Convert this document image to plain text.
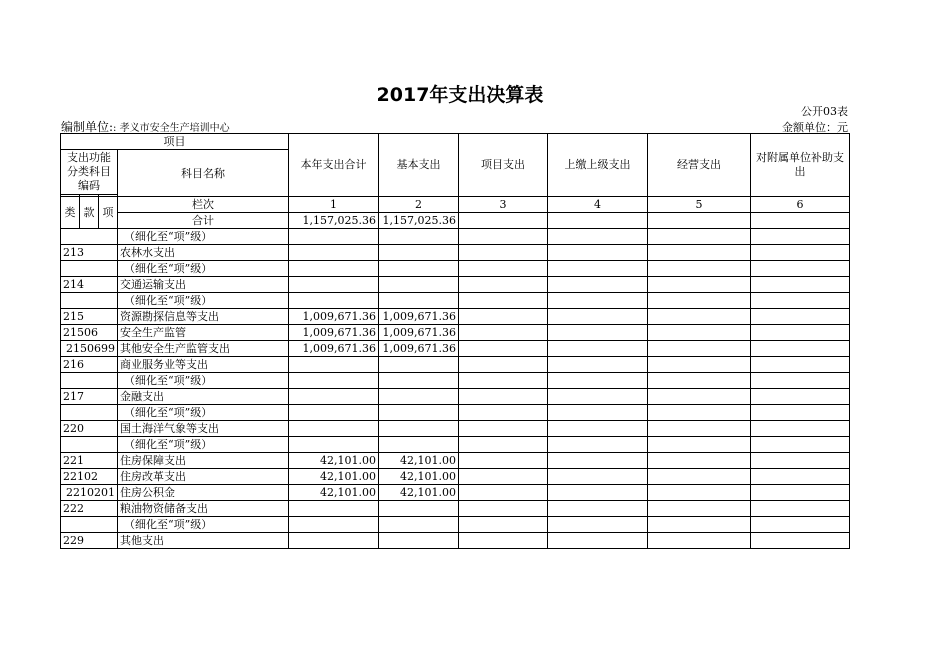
2017年支出决算表
公开03表
编制单位:: 孝义市安全生产培训中心	金额单位：元
项目				本年支出合计	基本支出	项目支出	上缴上级支出	经营支出	对附属单位补助支出
支出功能分类科目编码			科目名称						

类	款	项	栏次	1	2	3	4	5	6
			合计	1,157,025.36	1,157,025.36				
			（细化至“项”级）						
213			农林水支出						
			（细化至“项”级）						
214			交通运输支出						
			（细化至“项”级）						
215			资源勘探信息等支出	1,009,671.36	1,009,671.36				
21506			安全生产监管	1,009,671.36	1,009,671.36				
2150699			其他安全生产监管支出	1,009,671.36	1,009,671.36				
216			商业服务业等支出						
			（细化至“项”级）						
217			金融支出						
			（细化至“项”级）						
220			国土海洋气象等支出						
			（细化至“项”级）						
221			住房保障支出	42,101.00	42,101.00				
22102			住房改革支出	42,101.00	42,101.00				
2210201			住房公积金	42,101.00	42,101.00				
222			粮油物资储备支出						
			（细化至“项”级）						
229			其他支出						
